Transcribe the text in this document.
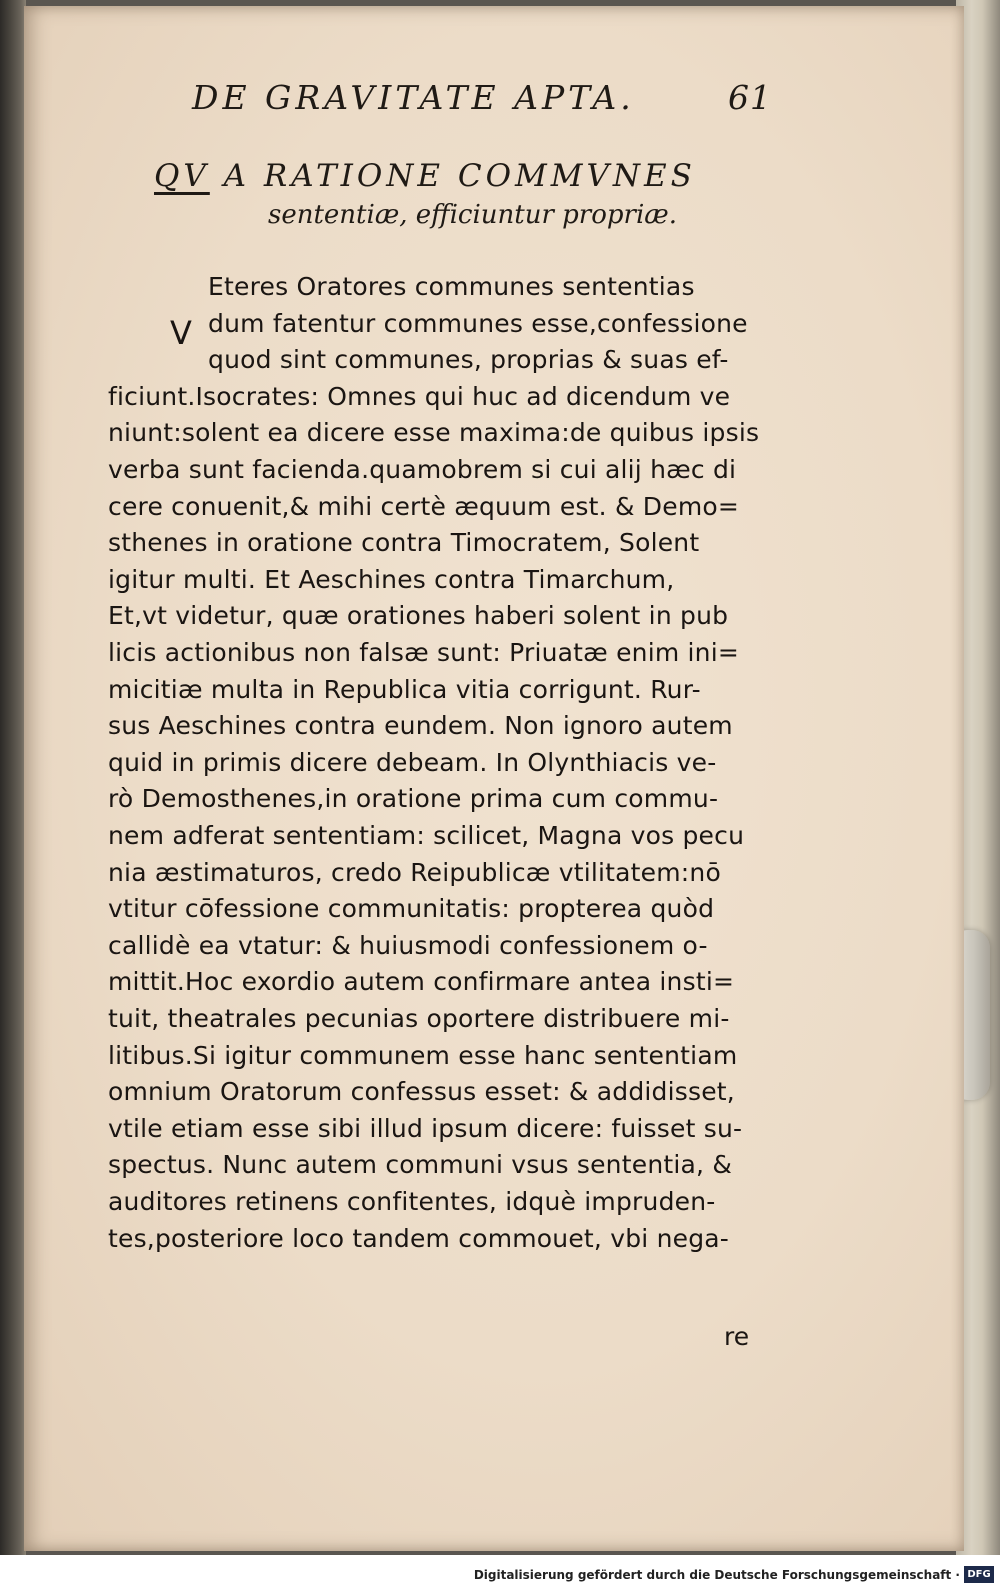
DE GRAVITATE APTA.	61
QV A RATIONE COMMVNES
sententiæ, efficiuntur propriæ.
V
Eteres Oratores communes sententias
dum fatentur communes esse,confessione
quod sint communes, proprias & suas ef-
ficiunt.Isocrates: Omnes qui huc ad dicendum ve
niunt:solent ea dicere esse maxima:de quibus ipsis
verba sunt facienda.quamobrem si cui alij hæc di
cere conuenit,& mihi certè æquum est. & Demo=
sthenes in oratione contra Timocratem, Solent
igitur multi. Et Aeschines contra Timarchum,
Et,vt videtur, quæ orationes haberi solent in pub
licis actionibus non falsæ sunt: Priuatæ enim ini=
micitiæ multa in Republica vitia corrigunt. Rur-
sus Aeschines contra eundem. Non ignoro autem
quid in primis dicere debeam. In Olynthiacis ve-
rò Demosthenes,in oratione prima cum commu-
nem adferat sententiam: scilicet, Magna vos pecu
nia æstimaturos, credo Reipublicæ vtilitatem:nō
vtitur cōfessione communitatis: propterea quòd
callidè ea vtatur: & huiusmodi confessionem o-
mittit.Hoc exordio autem confirmare antea insti=
tuit, theatrales pecunias oportere distribuere mi-
litibus.Si igitur communem esse hanc sententiam
omnium Oratorum confessus esset: & addidisset,
vtile etiam esse sibi illud ipsum dicere: fuisset su-
spectus. Nunc autem communi vsus sententia, &
auditores retinens confitentes, idquè impruden-
tes,posteriore loco tandem commouet, vbi nega-
re
Digitalisierung gefördert durch die Deutsche Forschungsgemeinschaft · DFG
